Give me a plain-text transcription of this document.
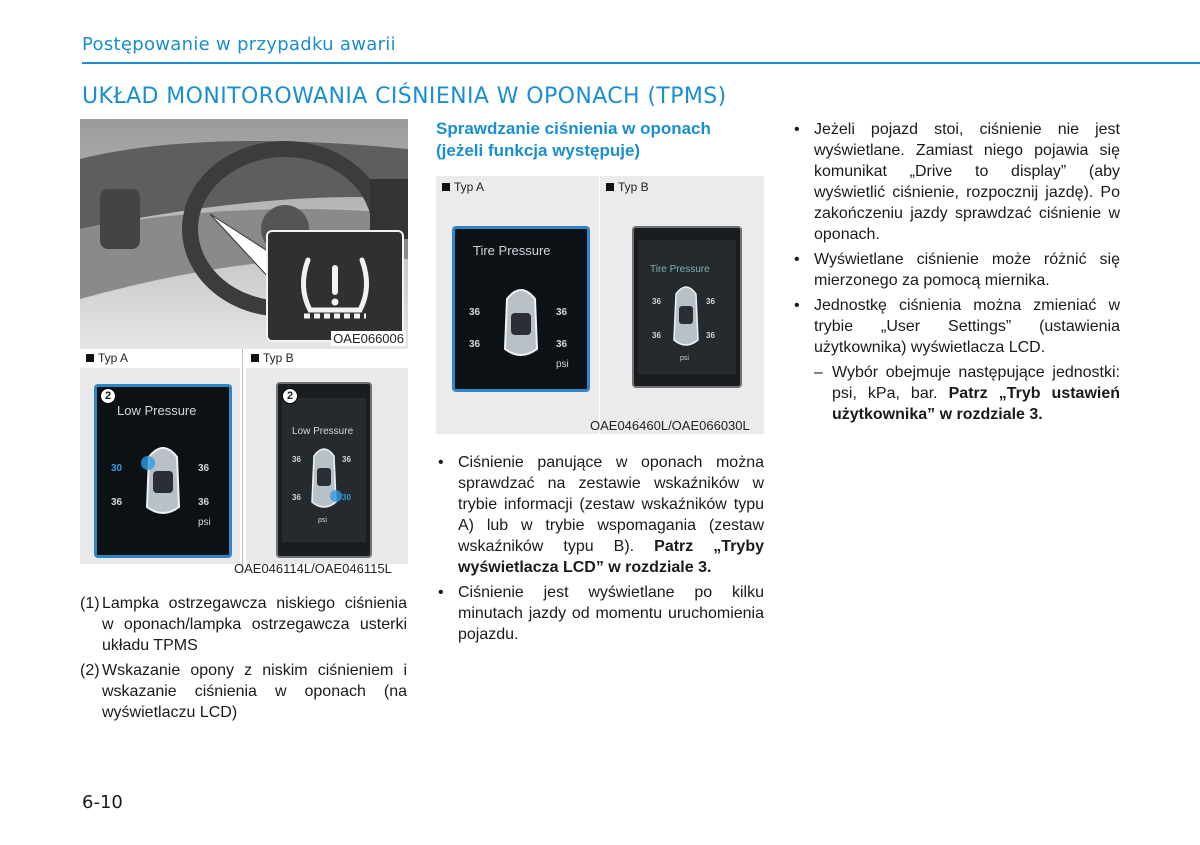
Postępowanie w przypadku awarii
UKŁAD MONITOROWANIA CIŚNIENIA W OPONACH (TPMS)
OAE066006
Typ A	Typ B
Low Pressure
30	36
36	36
psi
2
Low Pressure
36	36
36	30
psi
2
OAE046114L/OAE046115L
(1) Lampka ostrzegawcza niskiego ciśnienia w oponach/lampka ostrzegawcza usterki układu TPMS
(2) Wskazanie opony z niskim ciśnieniem i wskazanie ciśnienia w oponach (na wyświetlaczu LCD)
Sprawdzanie ciśnienia w oponach (jeżeli funkcja występuje)
Typ A	Typ B
Tire Pressure
36	36
36	36
psi
Tire Pressure
36	36
36	36
psi
OAE046460L/OAE066030L
• Ciśnienie panujące w oponach można sprawdzać na zestawie wskaźników w trybie informacji (zestaw wskaźników typu A) lub w trybie wspomagania (zestaw wskaźników typu B). Patrz „Tryby wyświetlacza LCD” w rozdziale 3.
• Ciśnienie jest wyświetlane po kilku minutach jazdy od momentu uruchomienia pojazdu.
• Jeżeli pojazd stoi, ciśnienie nie jest wyświetlane. Zamiast niego pojawia się komunikat „Drive to display” (aby wyświetlić ciśnienie, rozpocznij jazdę). Po zakończeniu jazdy sprawdzać ciśnienie w oponach.
• Wyświetlane ciśnienie może różnić się mierzonego za pomocą miernika.
• Jednostkę ciśnienia można zmieniać w trybie „User Settings” (ustawienia użytkownika) wyświetlacza LCD.
– Wybór obejmuje następujące jednostki: psi, kPa, bar. Patrz „Tryb ustawień użytkownika” w rozdziale 3.
6-10
